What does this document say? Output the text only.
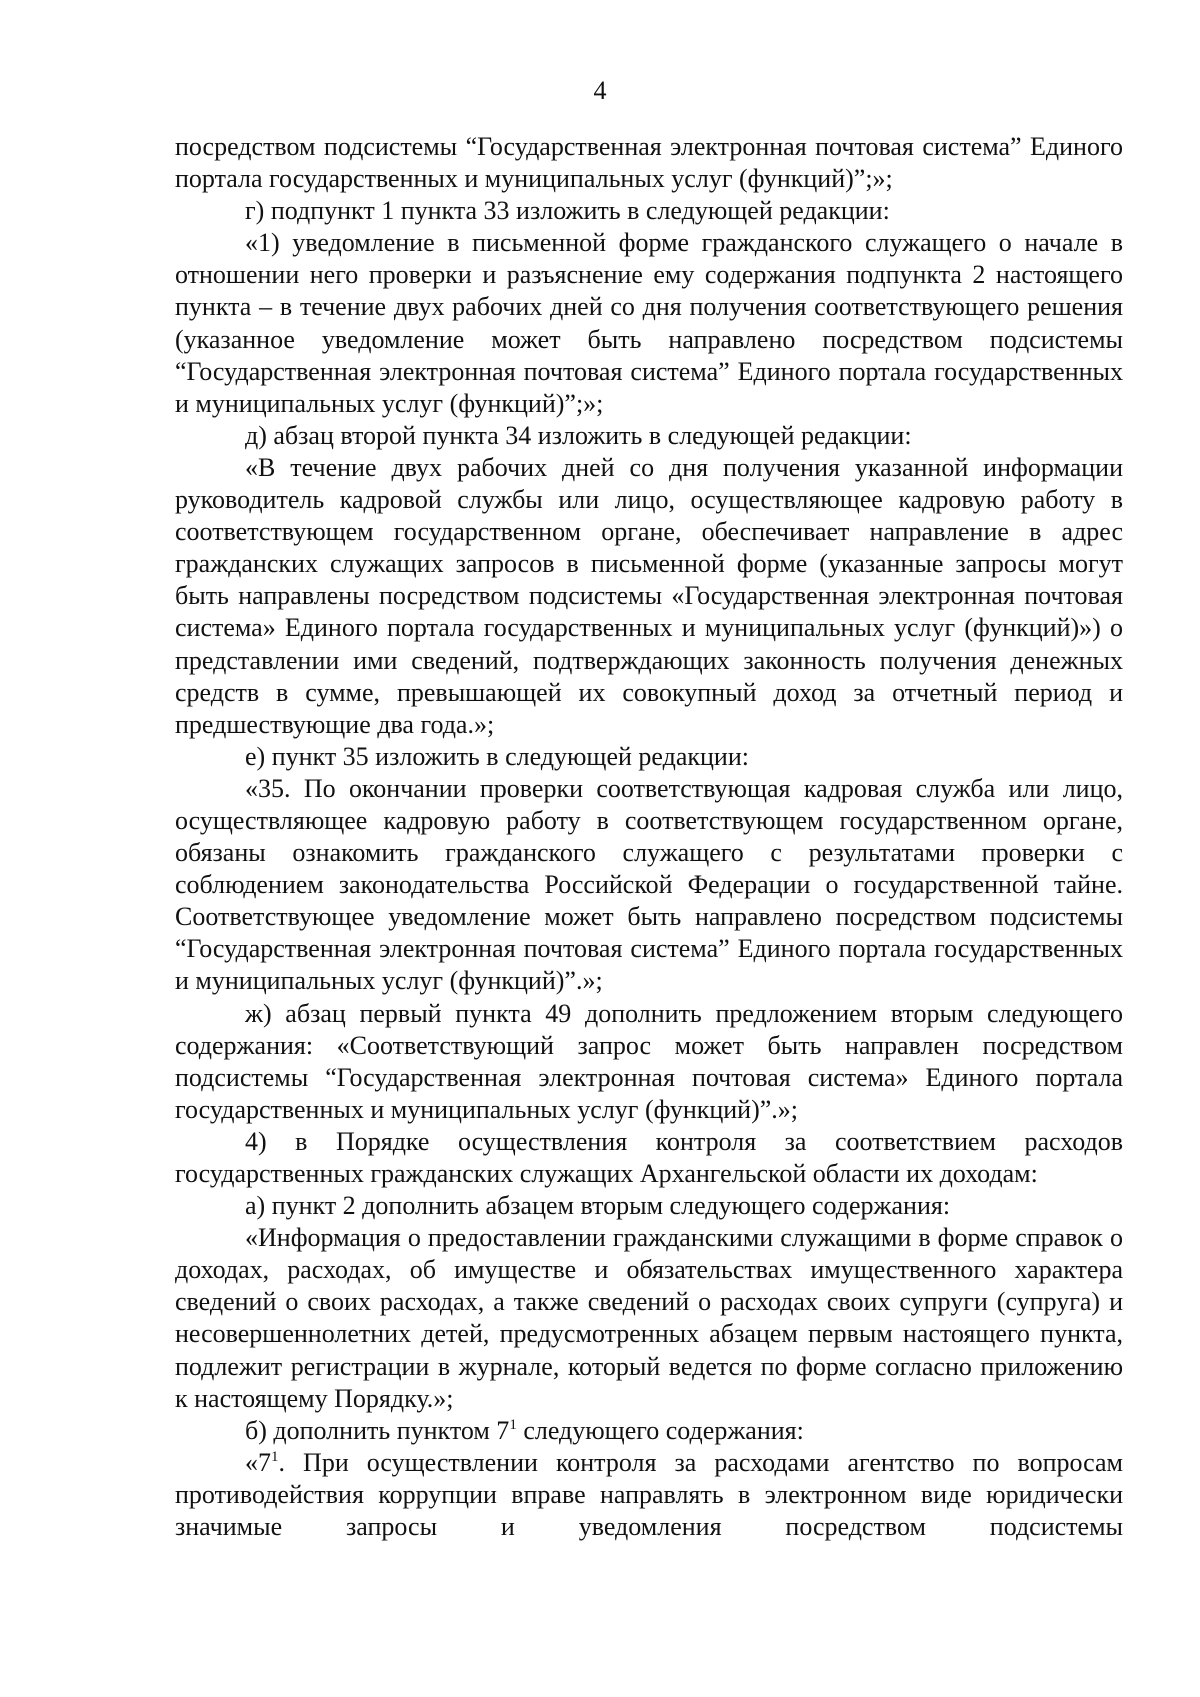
4

посредством подсистемы “Государственная электронная почтовая система” Единого портала государственных и муниципальных услуг (функций)”;»;

г) подпункт 1 пункта 33 изложить в следующей редакции:

«1) уведомление в письменной форме гражданского служащего о начале в отношении него проверки и разъяснение ему содержания подпункта 2 настоящего пункта – в течение двух рабочих дней со дня получения соответствующего решения (указанное уведомление может быть направлено посредством подсистемы “Государственная электронная почтовая система” Единого портала государственных и муниципальных услуг (функций)”;»;

д) абзац второй пункта 34 изложить в следующей редакции:

«В течение двух рабочих дней со дня получения указанной информации руководитель кадровой службы или лицо, осуществляющее кадровую работу в соответствующем государственном органе, обеспечивает направление в адрес гражданских служащих запросов в письменной форме (указанные запросы могут быть направлены посредством подсистемы «Государственная электронная почтовая система» Единого портала государственных и муниципальных услуг (функций)») о представлении ими сведений, подтверждающих законность получения денежных средств в сумме, превышающей их совокупный доход за отчетный период и предшествующие два года.»;

е) пункт 35 изложить в следующей редакции:

«35. По окончании проверки соответствующая кадровая служба или лицо, осуществляющее кадровую работу в соответствующем государственном органе, обязаны ознакомить гражданского служащего с результатами проверки с соблюдением законодательства Российской Федерации о государственной тайне. Соответствующее уведомление может быть направлено посредством подсистемы “Государственная электронная почтовая система” Единого портала государственных и муниципальных услуг (функций)”.»;

ж) абзац первый пункта 49 дополнить предложением вторым следующего содержания: «Соответствующий запрос может быть направлен посредством подсистемы “Государственная электронная почтовая система» Единого портала государственных и муниципальных услуг (функций)”.»;

4) в Порядке осуществления контроля за соответствием расходов государственных гражданских служащих Архангельской области их доходам:

а) пункт 2 дополнить абзацем вторым следующего содержания:

«Информация о предоставлении гражданскими служащими в форме справок о доходах, расходах, об имуществе и обязательствах имущественного характера сведений о своих расходах, а также сведений о расходах своих супруги (супруга) и несовершеннолетних детей, предусмотренных абзацем первым настоящего пункта, подлежит регистрации в журнале, который ведется по форме согласно приложению к настоящему Порядку.»;

б) дополнить пунктом $7^1$ следующего содержания:

«$7^1$. При осуществлении контроля за расходами агентство по вопросам противодействия коррупции вправе направлять в электронном виде юридически значимые запросы и уведомления посредством подсистемы
